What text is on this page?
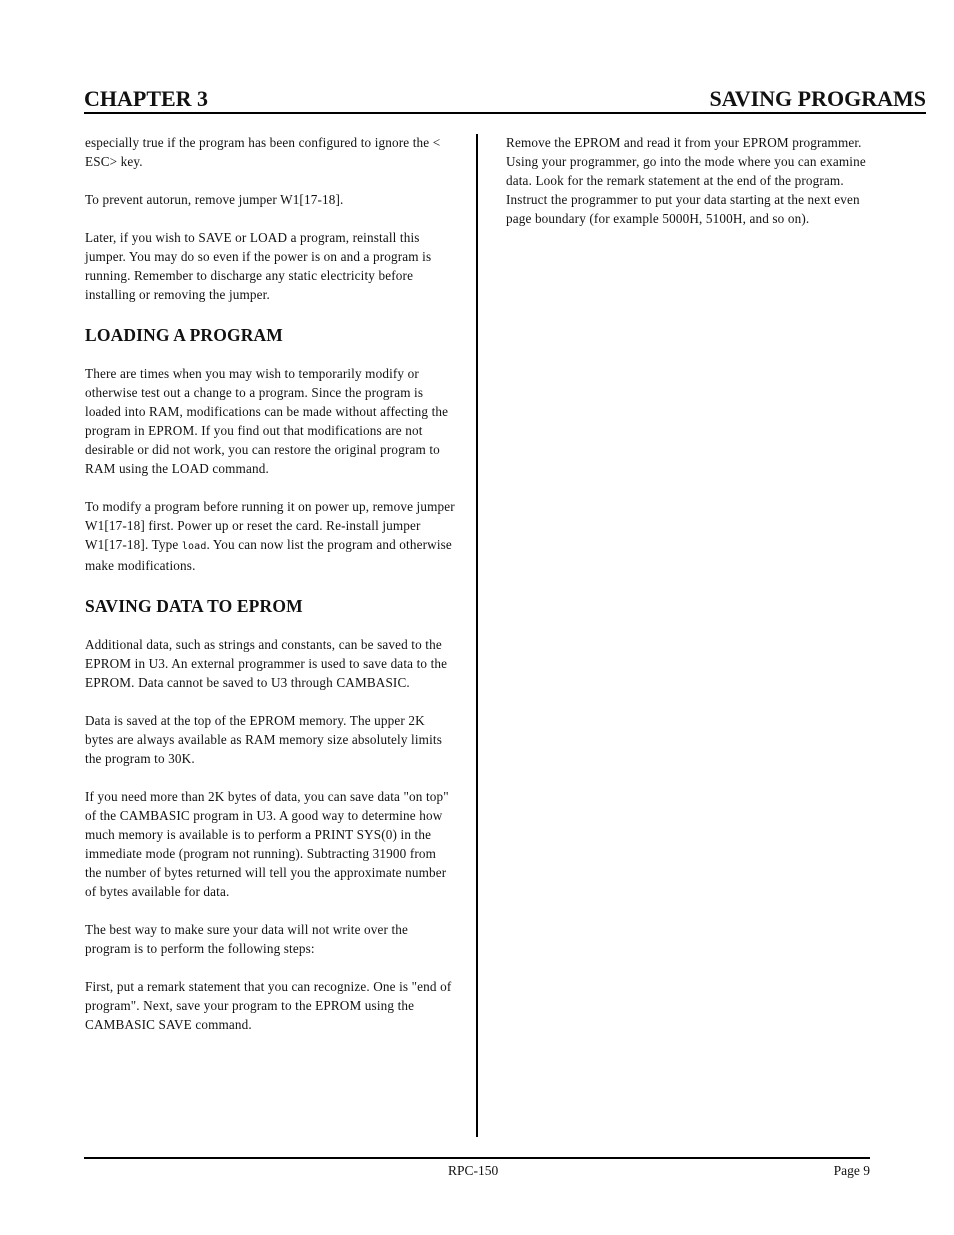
CHAPTER 3	SAVING PROGRAMS

especially true if the program has been configured to ignore the < ESC> key.

To prevent autorun, remove jumper W1[17-18].

Later, if you wish to SAVE or LOAD a program, reinstall this jumper. You may do so even if the power is on and a program is running. Remember to discharge any static electricity before installing or removing the jumper.

LOADING A PROGRAM

There are times when you may wish to temporarily modify or otherwise test out a change to a program. Since the program is loaded into RAM, modifications can be made without affecting the program in EPROM. If you find out that modifications are not desirable or did not work, you can restore the original program to RAM using the LOAD command.

To modify a program before running it on power up, remove jumper W1[17-18] first. Power up or reset the card. Re-install jumper W1[17-18]. Type load. You can now list the program and otherwise make modifications.

SAVING DATA TO EPROM

Additional data, such as strings and constants, can be saved to the EPROM in U3. An external programmer is used to save data to the EPROM. Data cannot be saved to U3 through CAMBASIC.

Data is saved at the top of the EPROM memory. The upper 2K bytes are always available as RAM memory size absolutely limits the program to 30K.

If you need more than 2K bytes of data, you can save data "on top" of the CAMBASIC program in U3. A good way to determine how much memory is available is to perform a PRINT SYS(0) in the immediate mode (program not running). Subtracting 31900 from the number of bytes returned will tell you the approximate number of bytes available for data.

The best way to make sure your data will not write over the program is to perform the following steps:

First, put a remark statement that you can recognize. One is "end of program". Next, save your program to the EPROM using the CAMBASIC SAVE command.

Remove the EPROM and read it from your EPROM programmer. Using your programmer, go into the mode where you can examine data. Look for the remark statement at the end of the program. Instruct the programmer to put your data starting at the next even page boundary (for example 5000H, 5100H, and so on).

RPC-150	Page 9
